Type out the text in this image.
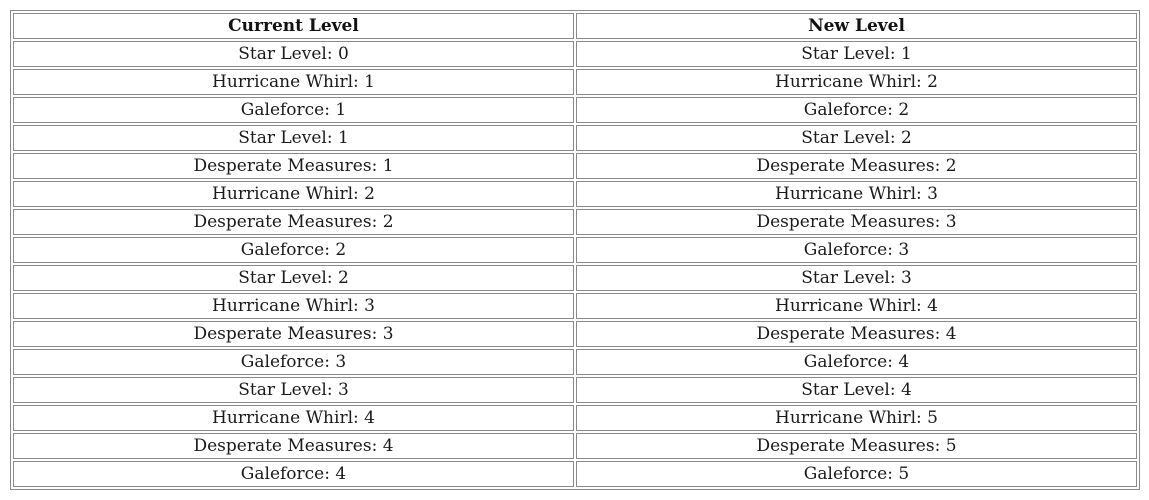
Current Level	New Level
Star Level: 0	Star Level: 1
Hurricane Whirl: 1	Hurricane Whirl: 2
Galeforce: 1	Galeforce: 2
Star Level: 1	Star Level: 2
Desperate Measures: 1	Desperate Measures: 2
Hurricane Whirl: 2	Hurricane Whirl: 3
Desperate Measures: 2	Desperate Measures: 3
Galeforce: 2	Galeforce: 3
Star Level: 2	Star Level: 3
Hurricane Whirl: 3	Hurricane Whirl: 4
Desperate Measures: 3	Desperate Measures: 4
Galeforce: 3	Galeforce: 4
Star Level: 3	Star Level: 4
Hurricane Whirl: 4	Hurricane Whirl: 5
Desperate Measures: 4	Desperate Measures: 5
Galeforce: 4	Galeforce: 5
